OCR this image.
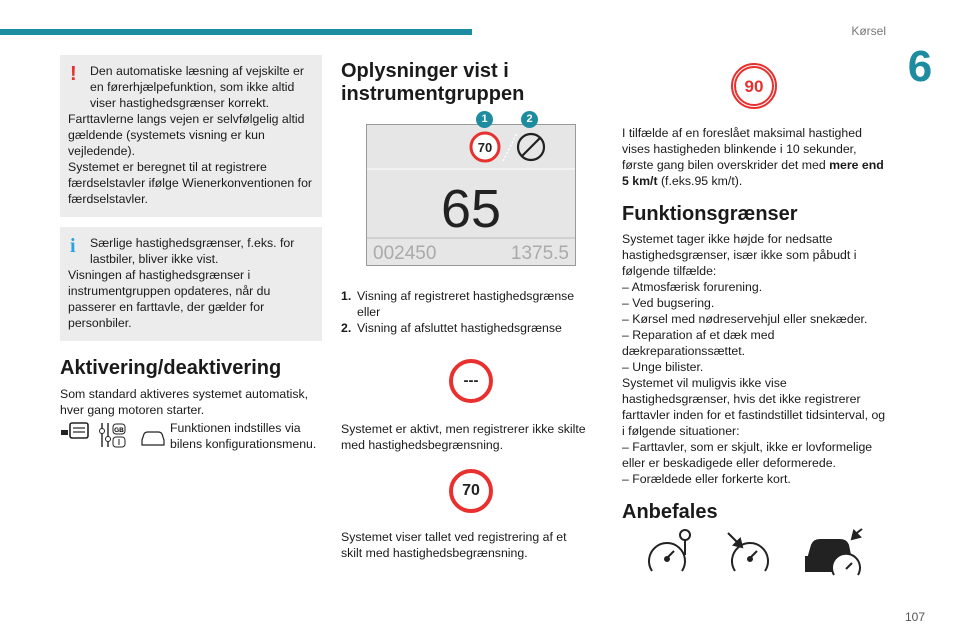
Kørsel
6
107
!	Den automatiske læsning af vejskilte er en førerhjælpefunktion, som ikke altid viser hastighedsgrænser korrekt.

Farttavlerne langs vejen er selvfølgelig altid gældende (systemets visning er kun vejledende).

Systemet er beregnet til at registrere færdselstavler ifølge Wienerkonventionen for færdselstavler.

i	Særlige hastighedsgrænser, f.eks. for lastbiler, bliver ikke vist.

Visningen af hastighedsgrænser i instrumentgruppen opdateres, når du passerer en farttavle, der gælder for personbiler.

Aktivering/deaktivering

Som standard aktiveres systemet automatisk, hver gang motoren starter.

GB	Funktionen indstilles via bilens konfigurationsmenu.

Oplysninger vist i instrumentgruppen
70
65
002450	1375.5
1	2
1. Visning af registreret hastighedsgrænse eller
2. Visning af afsluttet hastighedsgrænse
---

Systemet er aktivt, men registrerer ikke skilte med hastighedsbegrænsning.

70

Systemet viser tallet ved registrering af et skilt med hastighedsbegrænsning.

90

I tilfælde af en foreslået maksimal hastighed vises hastigheden blinkende i 10 sekunder, første gang bilen overskrider det med mere end 5 km/t (f.eks.95 km/t).

Funktionsgrænser

Systemet tager ikke højde for nedsatte hastighedsgrænser, især ikke som påbudt i følgende tilfælde:

– Atmosfærisk forurening.

– Ved bugsering.

– Kørsel med nødreservehjul eller snekæder.

– Reparation af et dæk med dækreparationssættet.

– Unge bilister.

Systemet vil muligvis ikke vise hastighedsgrænser, hvis det ikke registrerer farttavler inden for et fastindstillet tidsinterval, og i følgende situationer:

– Farttavler, som er skjult, ikke er lovformelige eller er beskadigede eller deformerede.

– Forældede eller forkerte kort.

Anbefales
